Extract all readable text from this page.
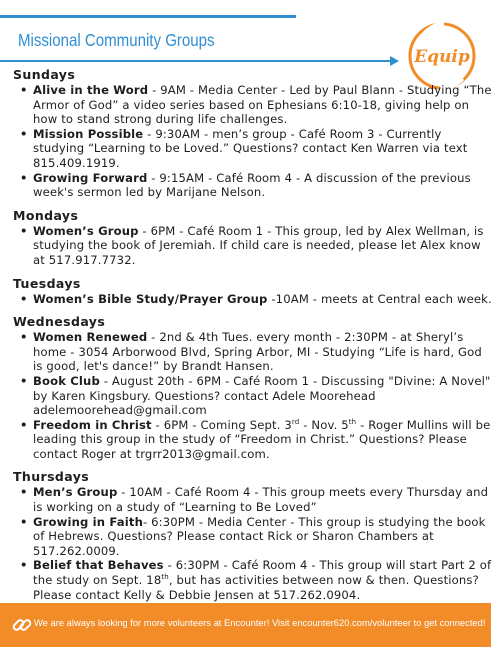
Missional Community Groups
Equip
Sundays
• Alive in the Word - 9AM - Media Center - Led by Paul Blann - Studying “The Armor of God” a video series based on Ephesians 6:10-18, giving help on how to stand strong during life challenges.
• Mission Possible - 9:30AM - men’s group - Café Room 3 - Currently studying “Learning to be Loved.” Questions? contact Ken Warren via text 815.409.1919.
• Growing Forward - 9:15AM - Café Room 4 - A discussion of the previous week's sermon led by Marijane Nelson.
Mondays
• Women’s Group - 6PM - Café Room 1 - This group, led by Alex Wellman, is studying the book of Jeremiah. If child care is needed, please let Alex know at 517.917.7732.
Tuesdays
• Women’s Bible Study/Prayer Group -10AM - meets at Central each week.
Wednesdays
• Women Renewed - 2nd & 4th Tues. every month - 2:30PM - at Sheryl’s home - 3054 Arborwood Blvd, Spring Arbor, MI - Studying “Life is hard, God is good, let's dance!” by Brandt Hansen.
• Book Club - August 20th - 6PM - Café Room 1 - Discussing "Divine: A Novel" by Karen Kingsbury. Questions? contact Adele Moorehead adelemoorehead@gmail.com
• Freedom in Christ - 6PM - Coming Sept. 3rd - Nov. 5th - Roger Mullins will be leading this group in the study of “Freedom in Christ.” Questions? Please contact Roger at trgrr2013@gmail.com.
Thursdays
• Men’s Group - 10AM - Café Room 4 - This group meets every Thursday and is working on a study of “Learning to Be Loved”
• Growing in Faith- 6:30PM - Media Center - This group is studying the book of Hebrews. Questions? Please contact Rick or Sharon Chambers at 517.262.0009.
• Belief that Behaves - 6:30PM - Café Room 4 - This group will start Part 2 of the study on Sept. 18th, but has activities between now & then. Questions? Please contact Kelly & Debbie Jensen at 517.262.0904.
We are always looking for more volunteers at Encounter! Visit encounter620.com/volunteer to get connected!
